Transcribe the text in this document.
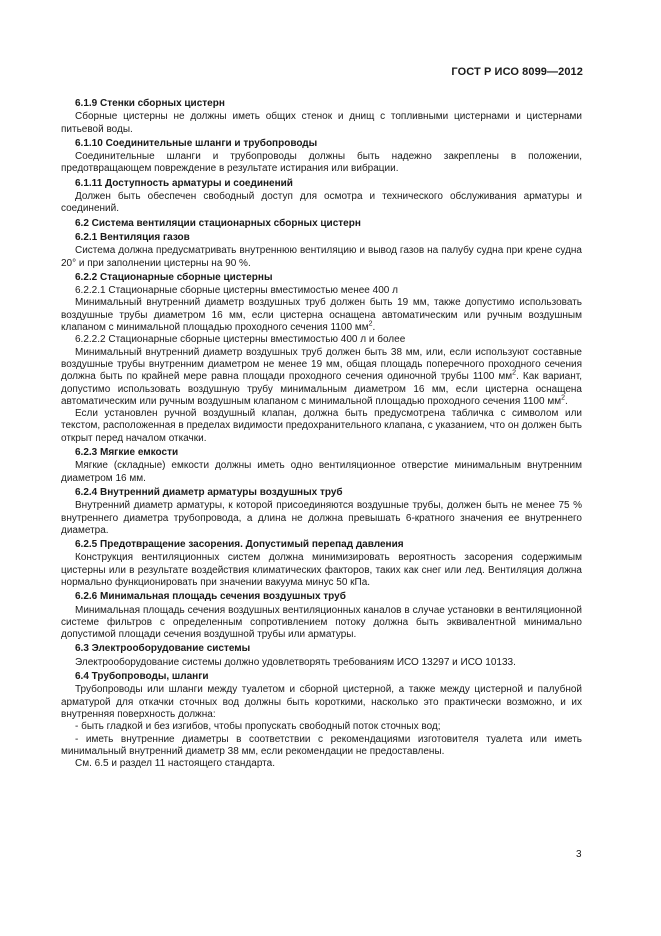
ГОСТ Р ИСО 8099—2012
6.1.9 Стенки сборных цистерн
Сборные цистерны не должны иметь общих стенок и днищ с топливными цистернами и цистернами питьевой воды.
6.1.10 Соединительные шланги и трубопроводы
Соединительные шланги и трубопроводы должны быть надежно закреплены в положении, предотвращающем повреждение в результате истирания или вибрации.
6.1.11 Доступность арматуры и соединений
Должен быть обеспечен свободный доступ для осмотра и технического обслуживания арматуры и соединений.
6.2 Система вентиляции стационарных сборных цистерн
6.2.1 Вентиляция газов
Система должна предусматривать внутреннюю вентиляцию и вывод газов на палубу судна при крене судна 20° и при заполнении цистерны на 90 %.
6.2.2 Стационарные сборные цистерны
6.2.2.1 Стационарные сборные цистерны вместимостью менее 400 л
Минимальный внутренний диаметр воздушных труб должен быть 19 мм, также допустимо использовать воздушные трубы диаметром 16 мм, если цистерна оснащена автоматическим или ручным воздушным клапаном с минимальной площадью проходного сечения 1100 $мм^2$.
6.2.2.2 Стационарные сборные цистерны вместимостью 400 л и более
Минимальный внутренний диаметр воздушных труб должен быть 38 мм, или, если используют составные воздушные трубы внутренним диаметром не менее 19 мм, общая площадь поперечного проходного сечения должна быть по крайней мере равна площади проходного сечения одиночной трубы 1100 $мм^2$. Как вариант, допустимо использовать воздушную трубу минимальным диаметром 16 мм, если цистерна оснащена автоматическим или ручным воздушным клапаном с минимальной площадью проходного сечения 1100 $мм^2$.
Если установлен ручной воздушный клапан, должна быть предусмотрена табличка с символом или текстом, расположенная в пределах видимости предохранительного клапана, с указанием, что он должен быть открыт перед началом откачки.
6.2.3 Мягкие емкости
Мягкие (складные) емкости должны иметь одно вентиляционное отверстие минимальным внутренним диаметром 16 мм.
6.2.4 Внутренний диаметр арматуры воздушных труб
Внутренний диаметр арматуры, к которой присоединяются воздушные трубы, должен быть не менее 75 % внутреннего диаметра трубопровода, а длина не должна превышать 6-кратного значения ее внутреннего диаметра.
6.2.5 Предотвращение засорения. Допустимый перепад давления
Конструкция вентиляционных систем должна минимизировать вероятность засорения содержимым цистерны или в результате воздействия климатических факторов, таких как снег или лед. Вентиляция должна нормально функционировать при значении вакуума минус 50 кПа.
6.2.6 Минимальная площадь сечения воздушных труб
Минимальная площадь сечения воздушных вентиляционных каналов в случае установки в вентиляционной системе фильтров с определенным сопротивлением потоку должна быть эквивалентной минимально допустимой площади сечения воздушной трубы или арматуры.
6.3 Электрооборудование системы
Электрооборудование системы должно удовлетворять требованиям ИСО 13297 и ИСО 10133.
6.4 Трубопроводы, шланги
Трубопроводы или шланги между туалетом и сборной цистерной, а также между цистерной и палубной арматурой для откачки сточных вод должны быть короткими, насколько это практически возможно, и их внутренняя поверхность должна:
- быть гладкой и без изгибов, чтобы пропускать свободный поток сточных вод;
- иметь внутренние диаметры в соответствии с рекомендациями изготовителя туалета или иметь минимальный внутренний диаметр 38 мм, если рекомендации не предоставлены.
См. 6.5 и раздел 11 настоящего стандарта.
3
